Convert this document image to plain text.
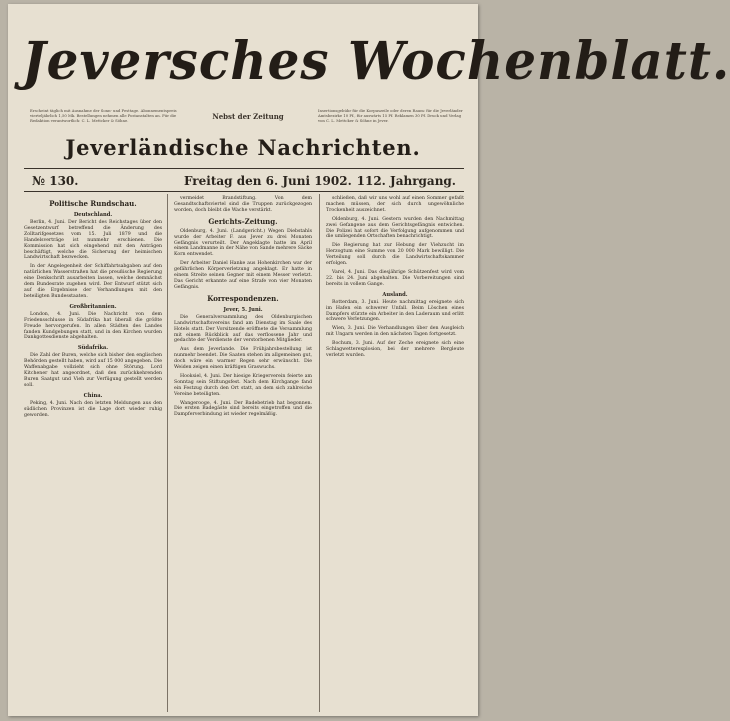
Jeversches Wochenblatt.
Erscheint täglich mit Ausnahme der Sonn- und Festtage. Abonnementspreis vierteljährlich 1,50 Mk. Bestellungen nehmen alle Postanstalten an. Für die Redaktion verantwortlich: C. L. Mettcker & Söhne.	Nebst der Zeitung
Insertionsgebühr für die Korpuszeile oder deren Raum: für die Jeverländer Amtsbezirke 10 Pf., für auswärts 15 Pf. Reklamen 30 Pf. Druck und Verlag von C. L. Mettcker & Söhne in Jever.
Jeverländische Nachrichten.
№ 130.	Freitag den 6. Juni 1902. 112. Jahrgang.
Politische Rundschau.
Deutschland.

Berlin, 4. Juni. Der Bericht des Reichstages über den Gesetzentwurf betreffend die Änderung des Zolltarifgesetzes vom 15. Juli 1879 und die Handelsverträge ist nunmehr erschienen. Die Kommission hat sich eingehend mit den Anträgen beschäftigt, welche die Sicherung der heimischen Landwirtschaft bezwecken.

In der Angelegenheit der Schiffahrtsabgaben auf den natürlichen Wasserstraßen hat die preußische Regierung eine Denkschrift ausarbeiten lassen, welche demnächst dem Bundesrate zugehen wird. Der Entwurf stützt sich auf die Ergebnisse der Verhandlungen mit den beteiligten Bundesstaaten.

Großbritannien.

London, 4. Juni. Die Nachricht von dem Friedensschlusse in Südafrika hat überall die größte Freude hervorgerufen. In allen Städten des Landes fanden Kundgebungen statt, und in den Kirchen wurden Dankgottesdienste abgehalten.

Südafrika.

Die Zahl der Buren, welche sich bisher den englischen Behörden gestellt haben, wird auf 15 000 angegeben. Die Waffenabgabe vollzieht sich ohne Störung. Lord Kitchener hat angeordnet, daß den zurückkehrenden Buren Saatgut und Vieh zur Verfügung gestellt werden soll.

China.

Peking, 4. Juni. Nach den letzten Meldungen aus den südlichen Provinzen ist die Lage dort wieder ruhig geworden.

vermeidet Brandstiftung. Von dem Gesandtschaftsviertel sind die Truppen zurückgezogen worden, doch bleibt die Wache verstärkt.

Gerichts-Zeitung.

Oldenburg, 4. Juni. (Landgericht.) Wegen Diebstahls wurde der Arbeiter F. aus Jever zu drei Monaten Gefängnis verurteilt. Der Angeklagte hatte im April einem Landmanne in der Nähe von Sande mehrere Säcke Korn entwendet.

Der Arbeiter Daniel Hanke aus Hohenkirchen war der gefährlichen Körperverletzung angeklagt. Er hatte in einem Streite seinen Gegner mit einem Messer verletzt. Das Gericht erkannte auf eine Strafe von vier Monaten Gefängnis.

Korrespondenzen.
Jever, 5. Juni.

Die Generalversammlung des Oldenburgischen Landwirtschaftsvereins fand am Dienstag im Saale des Hotels statt. Der Vorsitzende eröffnete die Versammlung mit einem Rückblick auf das verflossene Jahr und gedachte der Verdienste der verstorbenen Mitglieder.

Aus dem Jeverlande. Die Frühjahrsbestellung ist nunmehr beendet. Die Saaten stehen im allgemeinen gut, doch wäre ein warmer Regen sehr erwünscht. Die Weiden zeigen einen kräftigen Graswuchs.

Hooksiel, 4. Juni. Der hiesige Kriegerverein feierte am Sonntag sein Stiftungsfest. Nach dem Kirchgange fand ein Festzug durch den Ort statt, an dem sich zahlreiche Vereine beteiligten.

Wangerooge, 4. Juni. Der Badebetrieb hat begonnen. Die ersten Badegäste sind bereits eingetroffen und die Dampferverbindung ist wieder regelmäßig.

schließen, daß wir uns wohl auf einen Sommer gefaßt machen müssen, der sich durch ungewöhnliche Trockenheit auszeichnet.

Oldenburg, 4. Juni. Gestern wurden den Nachmittag zwei Gefangene aus dem Gerichtsgefängnis entwichen. Die Polizei hat sofort die Verfolgung aufgenommen und die umliegenden Ortschaften benachrichtigt.

Die Regierung hat zur Hebung der Viehzucht im Herzogtum eine Summe von 20 000 Mark bewilligt. Die Verteilung soll durch die Landwirtschaftskammer erfolgen.

Varel, 4. Juni. Das diesjährige Schützenfest wird vom 22. bis 24. Juni abgehalten. Die Vorbereitungen sind bereits in vollem Gange.

Ausland.

Rotterdam, 3. Juni. Heute nachmittag ereignete sich im Hafen ein schwerer Unfall. Beim Löschen eines Dampfers stürzte ein Arbeiter in den Laderaum und erlitt schwere Verletzungen.

Wien, 3. Juni. Die Verhandlungen über den Ausgleich mit Ungarn werden in den nächsten Tagen fortgesetzt.

Bochum, 3. Juni. Auf der Zeche ereignete sich eine Schlagwetterexplosion, bei der mehrere Bergleute verletzt wurden.
